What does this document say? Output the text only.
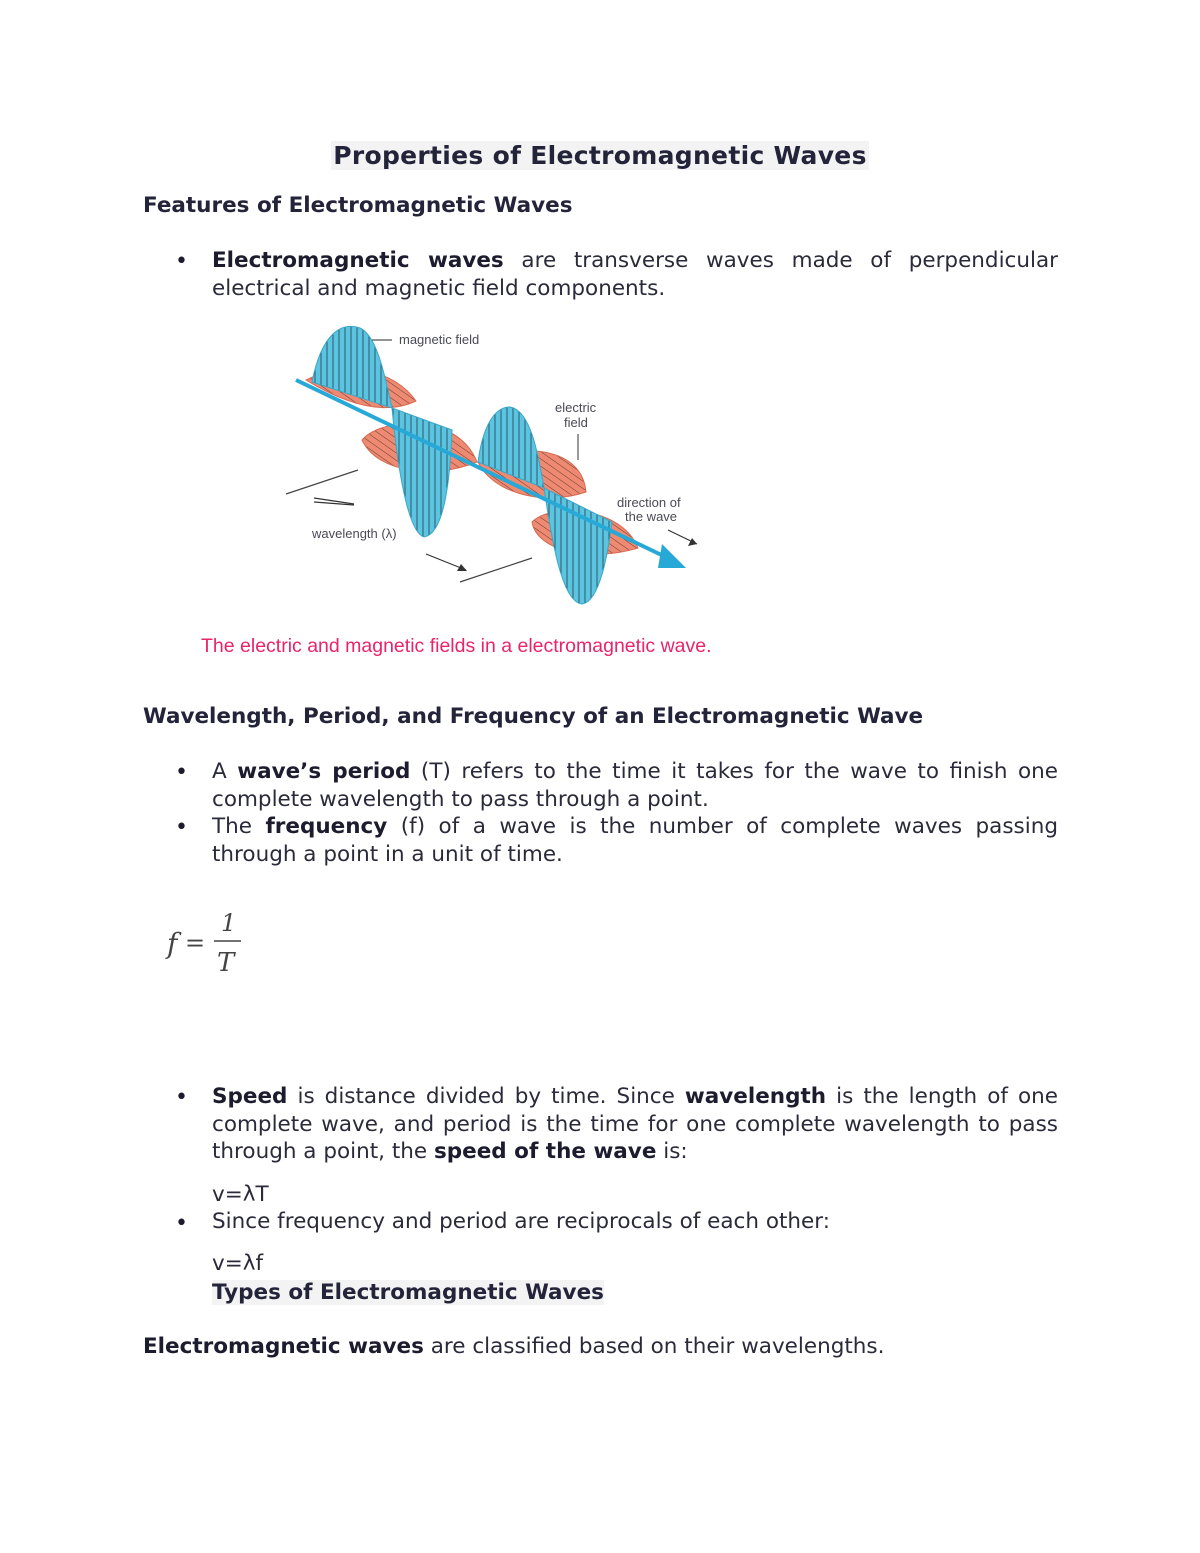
Properties of Electromagnetic Waves
Features of Electromagnetic Waves
• Electromagnetic waves are transverse waves made of perpendicular electrical and magnetic field components.
magnetic field
electric
field
direction of
the wave
wavelength (λ)
The electric and magnetic fields in a electromagnetic wave.
Wavelength, Period, and Frequency of an Electromagnetic Wave
• A wave’s period (T) refers to the time it takes for the wave to finish one complete wavelength to pass through a point.
• The frequency (f) of a wave is the number of complete waves passing through a point in a unit of time.
f =
1
T
• Speed is distance divided by time. Since wavelength is the length of one complete wave, and period is the time for one complete wavelength to pass through a point, the speed of the wave is:
v=λT
• Since frequency and period are reciprocals of each other:
v=λf
Types of Electromagnetic Waves
Electromagnetic waves are classified based on their wavelengths.
